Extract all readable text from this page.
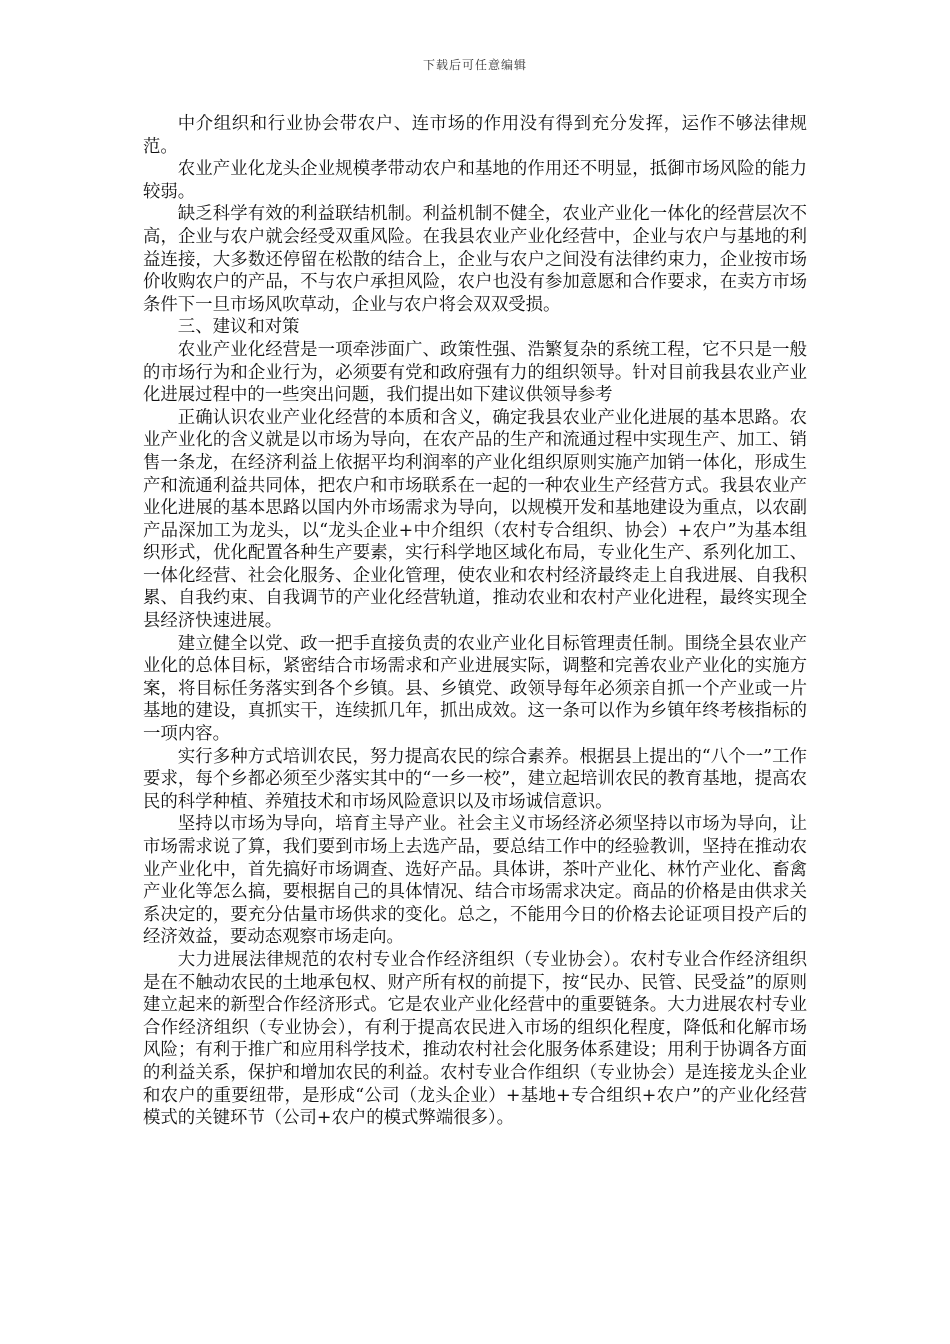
下载后可任意编辑

中介组织和行业协会带农户、连市场的作用没有得到充分发挥，运作不够法律规范。

农业产业化龙头企业规模孝带动农户和基地的作用还不明显，抵御市场风险的能力较弱。

缺乏科学有效的利益联结机制。利益机制不健全，农业产业化一体化的经营层次不高，企业与农户就会经受双重风险。在我县农业产业化经营中，企业与农户与基地的利益连接，大多数还停留在松散的结合上，企业与农户之间没有法律约束力，企业按市场价收购农户的产品，不与农户承担风险，农户也没有参加意愿和合作要求，在卖方市场条件下一旦市场风吹草动，企业与农户将会双双受损。

三、建议和对策

农业产业化经营是一项牵涉面广、政策性强、浩繁复杂的系统工程，它不只是一般的市场行为和企业行为，必须要有党和政府强有力的组织领导。针对目前我县农业产业化进展过程中的一些突出问题，我们提出如下建议供领导参考

正确认识农业产业化经营的本质和含义，确定我县农业产业化进展的基本思路。农业产业化的含义就是以市场为导向，在农产品的生产和流通过程中实现生产、加工、销售一条龙，在经济利益上依据平均利润率的产业化组织原则实施产加销一体化，形成生产和流通利益共同体，把农户和市场联系在一起的一种农业生产经营方式。我县农业产业化进展的基本思路以国内外市场需求为导向，以规模开发和基地建设为重点，以农副产品深加工为龙头，以“龙头企业+中介组织（农村专合组织、协会）+农户”为基本组织形式，优化配置各种生产要素，实行科学地区域化布局，专业化生产、系列化加工、一体化经营、社会化服务、企业化管理，使农业和农村经济最终走上自我进展、自我积累、自我约束、自我调节的产业化经营轨道，推动农业和农村产业化进程，最终实现全县经济快速进展。

建立健全以党、政一把手直接负责的农业产业化目标管理责任制。围绕全县农业产业化的总体目标，紧密结合市场需求和产业进展实际，调整和完善农业产业化的实施方案，将目标任务落实到各个乡镇。县、乡镇党、政领导每年必须亲自抓一个产业或一片基地的建设，真抓实干，连续抓几年，抓出成效。这一条可以作为乡镇年终考核指标的一项内容。

实行多种方式培训农民，努力提高农民的综合素养。根据县上提出的“八个一”工作要求，每个乡都必须至少落实其中的“一乡一校”，建立起培训农民的教育基地，提高农民的科学种植、养殖技术和市场风险意识以及市场诚信意识。

坚持以市场为导向，培育主导产业。社会主义市场经济必须坚持以市场为导向，让市场需求说了算，我们要到市场上去选产品，要总结工作中的经验教训，坚持在推动农业产业化中，首先搞好市场调查、选好产品。具体讲，茶叶产业化、林竹产业化、畜禽产业化等怎么搞，要根据自己的具体情况、结合市场需求决定。商品的价格是由供求关系决定的，要充分估量市场供求的变化。总之，不能用今日的价格去论证项目投产后的经济效益，要动态观察市场走向。

大力进展法律规范的农村专业合作经济组织（专业协会）。农村专业合作经济组织是在不触动农民的土地承包权、财产所有权的前提下，按“民办、民管、民受益”的原则建立起来的新型合作经济形式。它是农业产业化经营中的重要链条。大力进展农村专业合作经济组织（专业协会），有利于提高农民进入市场的组织化程度，降低和化解市场风险；有利于推广和应用科学技术，推动农村社会化服务体系建设；用利于协调各方面的利益关系，保护和增加农民的利益。农村专业合作组织（专业协会）是连接龙头企业和农户的重要纽带，是形成“公司（龙头企业）+基地+专合组织+农户”的产业化经营模式的关键环节（公司+农户的模式弊端很多）。
